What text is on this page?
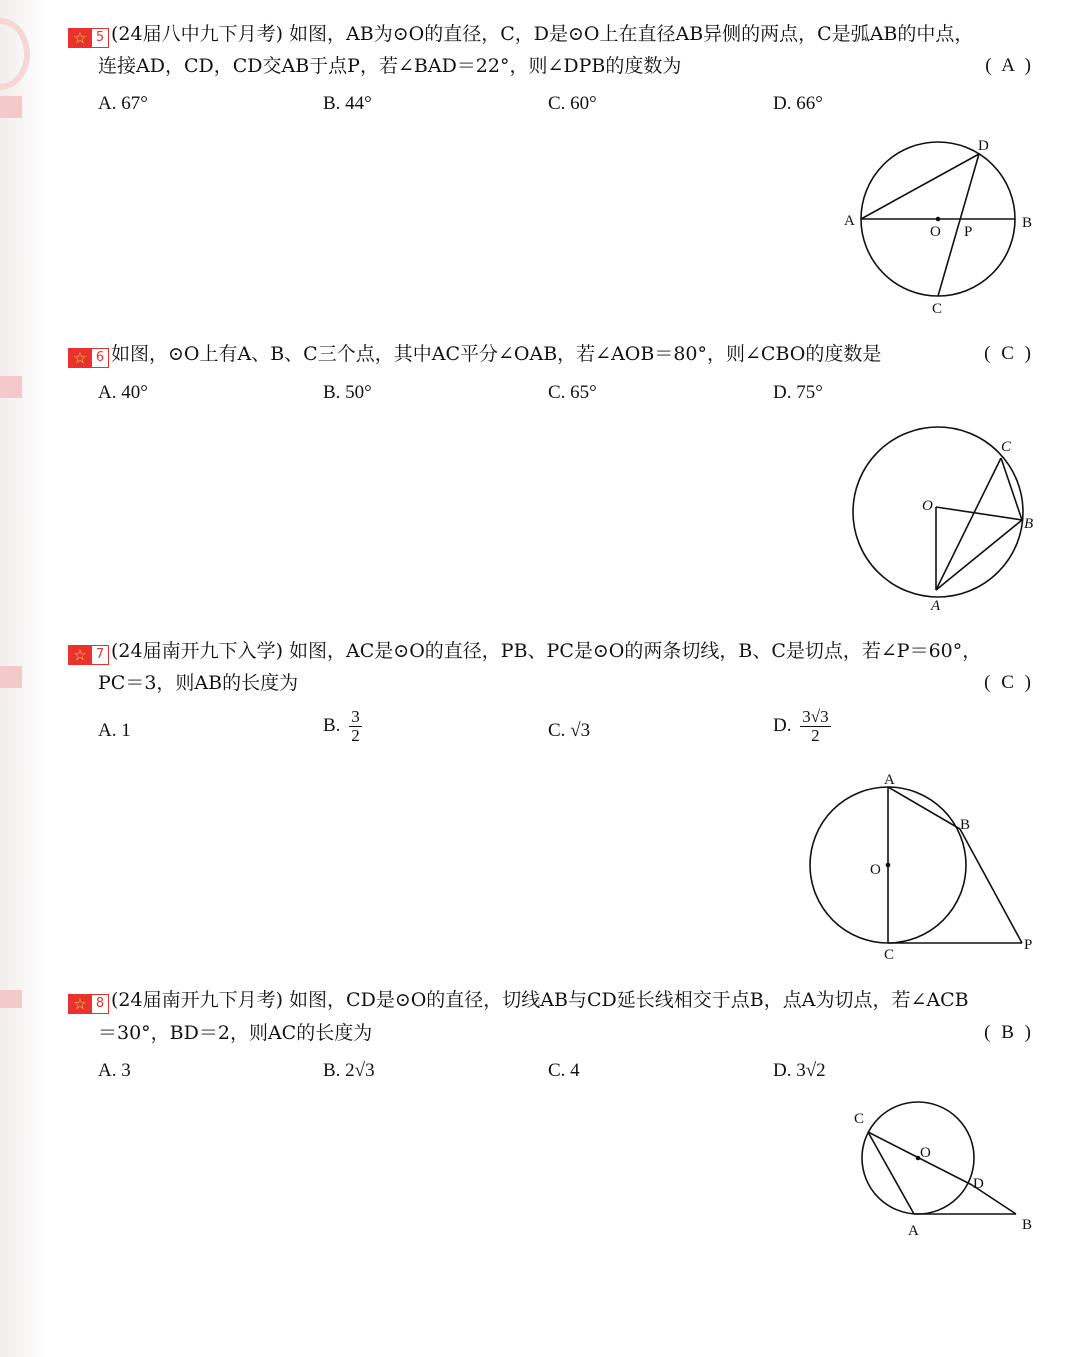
☆ 5 (24届八中九下月考) 如图，AB为⊙O的直径，C，D是⊙O上在直径AB异侧的两点，C是弧AB的中点，
连接AD，CD，CD交AB于点P，若∠BAD＝22°，则∠DPB的度数为	( A )
A. 67°	B. 44°	C. 60°	D. 66°
A	B
D
C
O P
☆ 6 如图，⊙O上有A、B、C三个点，其中AC平分∠OAB，若∠AOB＝80°，则∠CBO的度数是	( C )
A. 40°	B. 50°	C. 65°	D. 75°
C
O
B
A
☆ 7 (24届南开九下入学) 如图，AC是⊙O的直径，PB、PC是⊙O的两条切线，B、C是切点，若∠P＝60°，
PC＝3，则AB的长度为	( C )
A. 1	B. $\frac{3}{2}$	C. √3	D. $\frac{3√3}{2}$
A
B
O
C
P
☆ 8 (24届南开九下月考) 如图，CD是⊙O的直径，切线AB与CD延长线相交于点B，点A为切点，若∠ACB
＝30°，BD＝2，则AC的长度为	( B )
A. 3	B. 2√3	C. 4	D. 3√2
C
O
D
A	B
